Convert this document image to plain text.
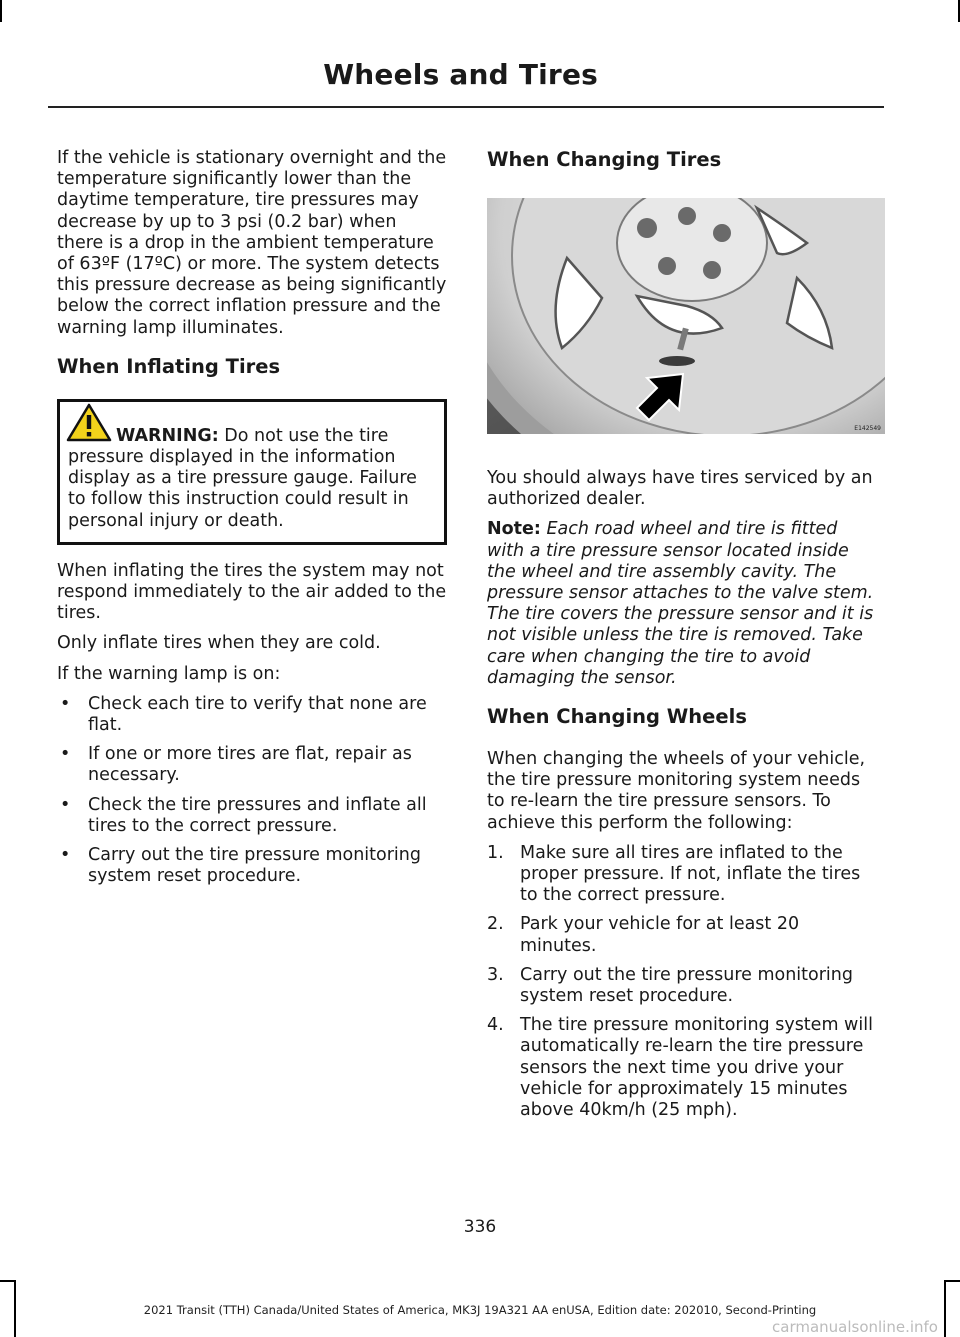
Wheels and Tires

If the vehicle is stationary overnight and the temperature significantly lower than the daytime temperature, tire pressures may decrease by up to 3 psi (0.2 bar) when there is a drop in the ambient temperature of 63ºF (17ºC) or more. The system detects this pressure decrease as being significantly below the correct inflation pressure and the warning lamp illuminates.

When Inflating Tires
WARNING: Do not use the tire pressure displayed in the information display as a tire pressure gauge. Failure to follow this instruction could result in personal injury or death.

When inflating the tires the system may not respond immediately to the air added to the tires.

Only inflate tires when they are cold.

If the warning lamp is on:

• Check each tire to verify that none are flat.
• If one or more tires are flat, repair as necessary.
• Check the tire pressures and inflate all tires to the correct pressure.
• Carry out the tire pressure monitoring system reset procedure.
When Changing Tires
E142549

You should always have tires serviced by an authorized dealer.

Note: Each road wheel and tire is fitted with a tire pressure sensor located inside the wheel and tire assembly cavity. The pressure sensor attaches to the valve stem. The tire covers the pressure sensor and it is not visible unless the tire is removed. Take care when changing the tire to avoid damaging the sensor.

When Changing Wheels

When changing the wheels of your vehicle, the tire pressure monitoring system needs to re-learn the tire pressure sensors. To achieve this perform the following:

1. Make sure all tires are inflated to the proper pressure. If not, inflate the tires to the correct pressure.
2. Park your vehicle for at least 20 minutes.
3. Carry out the tire pressure monitoring system reset procedure.
4. The tire pressure monitoring system will automatically re-learn the tire pressure sensors the next time you drive your vehicle for approximately 15 minutes above 40km/h (25 mph).
336
2021 Transit (TTH) Canada/United States of America, MK3J 19A321 AA enUSA, Edition date: 202010, Second-Printing
carmanualsonline.info
